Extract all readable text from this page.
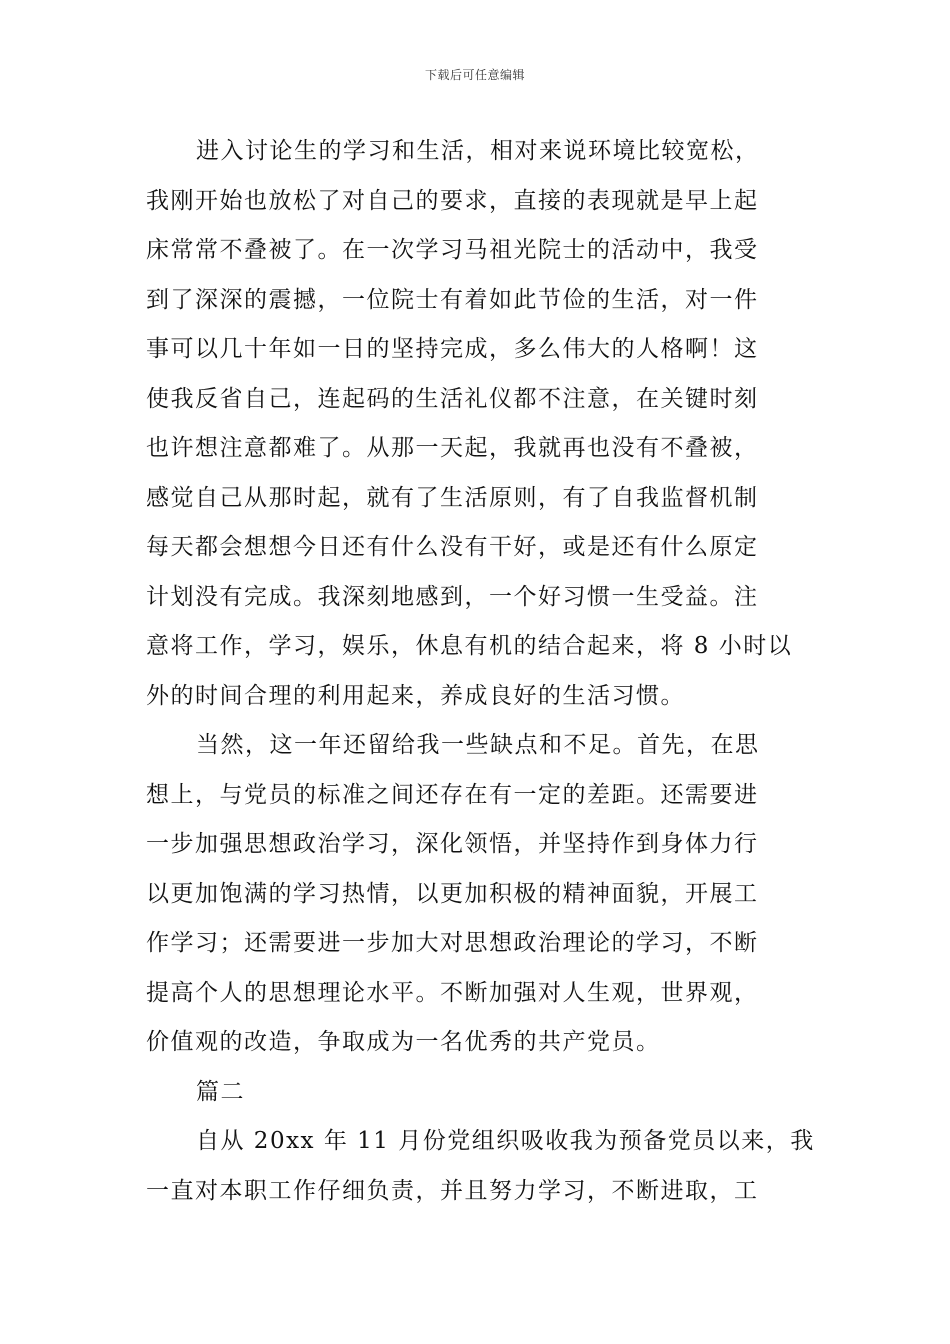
下载后可任意编辑
进入讨论生的学习和生活，相对来说环境比较宽松，
我刚开始也放松了对自己的要求，直接的表现就是早上起
床常常不叠被了。在一次学习马祖光院士的活动中，我受
到了深深的震撼，一位院士有着如此节俭的生活，对一件
事可以几十年如一日的坚持完成，多么伟大的人格啊！这
使我反省自己，连起码的生活礼仪都不注意，在关键时刻
也许想注意都难了。从那一天起，我就再也没有不叠被，
感觉自己从那时起，就有了生活原则，有了自我监督机制
每天都会想想今日还有什么没有干好，或是还有什么原定
计划没有完成。我深刻地感到，一个好习惯一生受益。注
意将工作，学习，娱乐，休息有机的结合起来，将 8 小时以
外的时间合理的利用起来，养成良好的生活习惯。
当然，这一年还留给我一些缺点和不足。首先，在思
想上，与党员的标准之间还存在有一定的差距。还需要进
一步加强思想政治学习，深化领悟，并坚持作到身体力行
以更加饱满的学习热情，以更加积极的精神面貌，开展工
作学习；还需要进一步加大对思想政治理论的学习，不断
提高个人的思想理论水平。不断加强对人生观，世界观，
价值观的改造，争取成为一名优秀的共产党员。
篇二
自从 20xx 年 11 月份党组织吸收我为预备党员以来，我
一直对本职工作仔细负责，并且努力学习，不断进取，工
